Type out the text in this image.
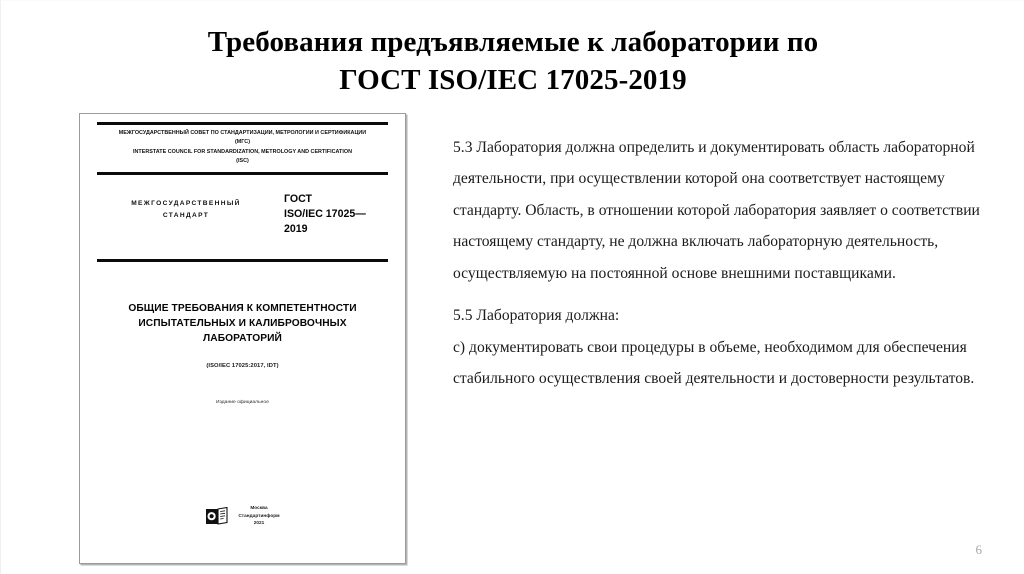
Требования предъявляемые к лаборатории по
ГОСТ ISO/IEC 17025-2019
МЕЖГОСУДАРСТВЕННЫЙ СОВЕТ ПО СТАНДАРТИЗАЦИИ, МЕТРОЛОГИИ И СЕРТИФИКАЦИИ
(МГС)
INTERSTATE COUNCIL FOR STANDARDIZATION, METROLOGY AND CERTIFICATION
(ISC)
МЕЖГОСУДАРСТВЕННЫЙ
СТАНДАРТ
ГОСТ
ISO/IEC 17025—
2019
ОБЩИЕ ТРЕБОВАНИЯ К КОМПЕТЕНТНОСТИ
ИСПЫТАТЕЛЬНЫХ И КАЛИБРОВОЧНЫХ
ЛАБОРАТОРИЙ
(ISO/IEC 17025:2017, IDT)
Издание официальное
Москва
Стандартинформ
2021

5.3 Лаборатория должна определить и документировать область лабораторной деятельности, при осуществлении которой она соответствует настоящему стандарту. Область, в отношении которой лаборатория заявляет о соответствии настоящему стандарту, не должна включать лабораторную деятельность, осуществляемую на постоянной основе внешними поставщиками.

5.5 Лаборатория должна:

c) документировать свои процедуры в объеме, необходимом для обеспечения стабильного осуществления своей деятельности и достоверности результатов.

6
